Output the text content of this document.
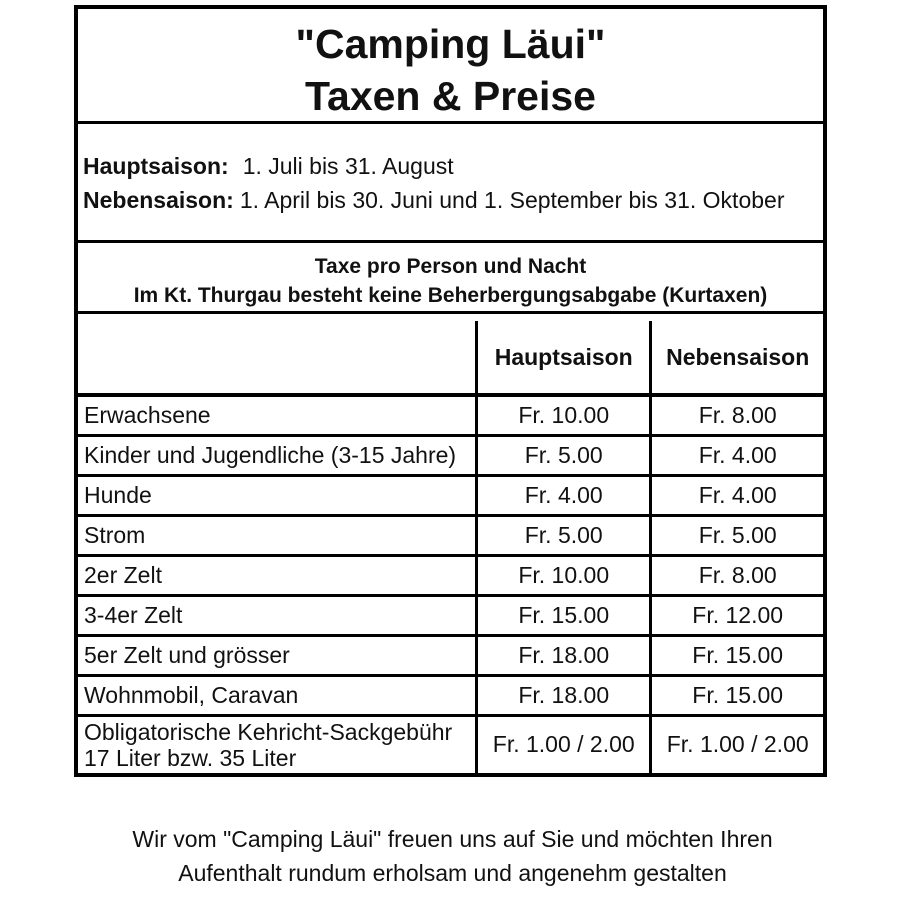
"Camping Läui"
Taxen & Preise
Hauptsaison: 1. Juli bis 31. August
Nebensaison: 1. April bis 30. Juni und 1. September bis 31. Oktober
Taxe pro Person und Nacht
Im Kt. Thurgau besteht keine Beherbergungsabgabe (Kurtaxen)
	Hauptsaison	Nebensaison

Erwachsene	Fr. 10.00	Fr. 8.00

Kinder und Jugendliche (3-15 Jahre)	Fr. 5.00	Fr. 4.00

Hunde	Fr. 4.00	Fr. 4.00

Strom	Fr. 5.00	Fr. 5.00

2er Zelt	Fr. 10.00	Fr. 8.00

3-4er Zelt	Fr. 15.00	Fr. 12.00

5er Zelt und grösser	Fr. 18.00	Fr. 15.00

Wohnmobil, Caravan	Fr. 18.00	Fr. 15.00

Obligatorische Kehricht-Sackgebühr
17 Liter bzw. 35 Liter	Fr. 1.00 / 2.00	Fr. 1.00 / 2.00
Wir vom "Camping Läui" freuen uns auf Sie und möchten Ihren
Aufenthalt rundum erholsam und angenehm gestalten
